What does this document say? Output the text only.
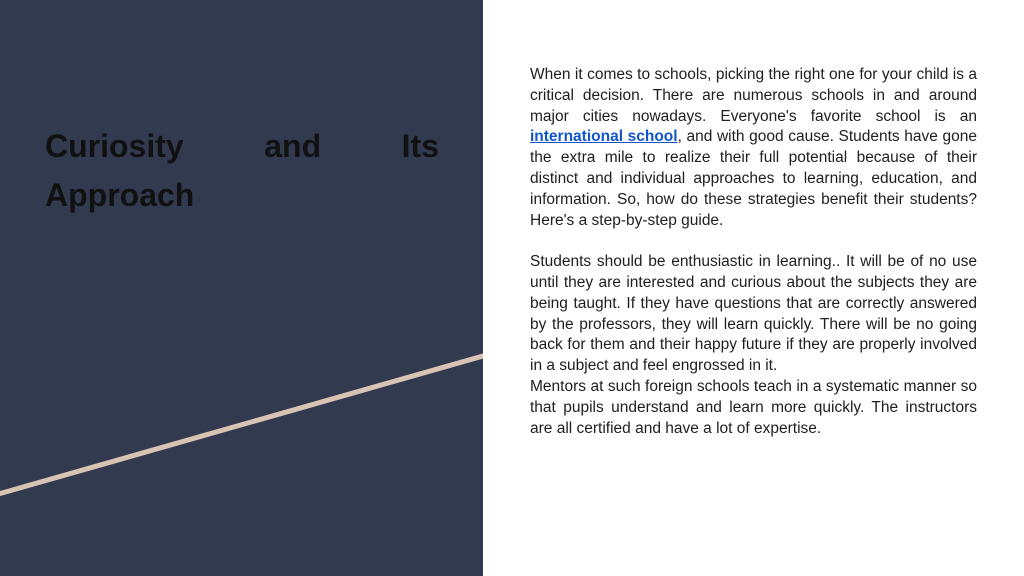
Curiosity	and	Its
Approach

When it comes to schools, picking the right one for your child is a critical decision. There are numerous schools in and around major cities nowadays. Everyone's favorite school is an international school, and with good cause. Students have gone the extra mile to realize their full potential because of their distinct and individual approaches to learning, education, and information. So, how do these strategies benefit their students? Here's a step-by-step guide.

Students should be enthusiastic in learning.. It will be of no use until they are interested and curious about the subjects they are being taught. If they have questions that are correctly answered by the professors, they will learn quickly. There will be no going back for them and their happy future if they are properly involved in a subject and feel engrossed in it.

Mentors at such foreign schools teach in a systematic manner so that pupils understand and learn more quickly. The instructors are all certified and have a lot of expertise.
